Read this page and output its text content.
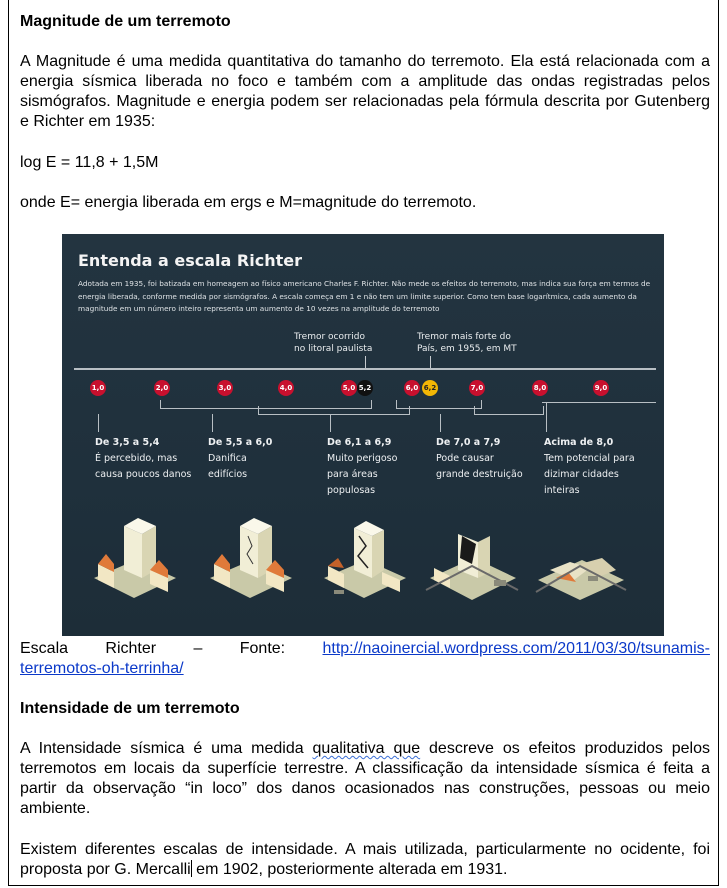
Magnitude de um terremoto
A Magnitude é uma medida quantitativa do tamanho do terremoto. Ela está relacionada com a energia sísmica liberada no foco e também com a amplitude das ondas registradas pelos sismógrafos. Magnitude e energia podem ser relacionadas pela fórmula descrita por Gutenberg e Richter em 1935:
log E = 11,8 + 1,5M
onde E= energia liberada em ergs e M=magnitude do terremoto.
Entenda a escala Richter
Adotada em 1935, foi batizada em homeagem ao físico americano Charles F. Richter. Não mede os efeitos do terremoto, mas indica sua força em termos de energia liberada, conforme medida por sismógrafos. A escala começa em 1 e não tem um limite superior. Como tem base logarítmica, cada aumento da magnitude em um número inteiro representa um aumento de 10 vezes na amplitude do terremoto
Tremor ocorrido
no litoral paulista
Tremor mais forte do
País, em 1955, em MT
1,0	2,0	3,0	4,0	5,0 5,2	6,0 6,2	7,0	8,0	9,0
De 3,5 a 5,4
É percebido, mas
causa poucos danos
De 5,5 a 6,0
Danifica
edifícios
De 6,1 a 6,9
Muito perigoso
para áreas
populosas
De 7,0 a 7,9
Pode causar
grande destruição
Acima de 8,0
Tem potencial para
dizimar cidades
inteiras
Escala Richter – Fonte: http://naoinercial.wordpress.com/2011/03/30/tsunamis-
terremotos-oh-terrinha/
Intensidade de um terremoto
A Intensidade sísmica é uma medida qualitativa que descreve os efeitos produzidos pelos terremotos em locais da superfície terrestre. A classificação da intensidade sísmica é feita a partir da observação “in loco” dos danos ocasionados nas construções, pessoas ou meio ambiente.
Existem diferentes escalas de intensidade. A mais utilizada, particularmente no ocidente, foi proposta por G. Mercalli em 1902, posteriormente alterada em 1931.
